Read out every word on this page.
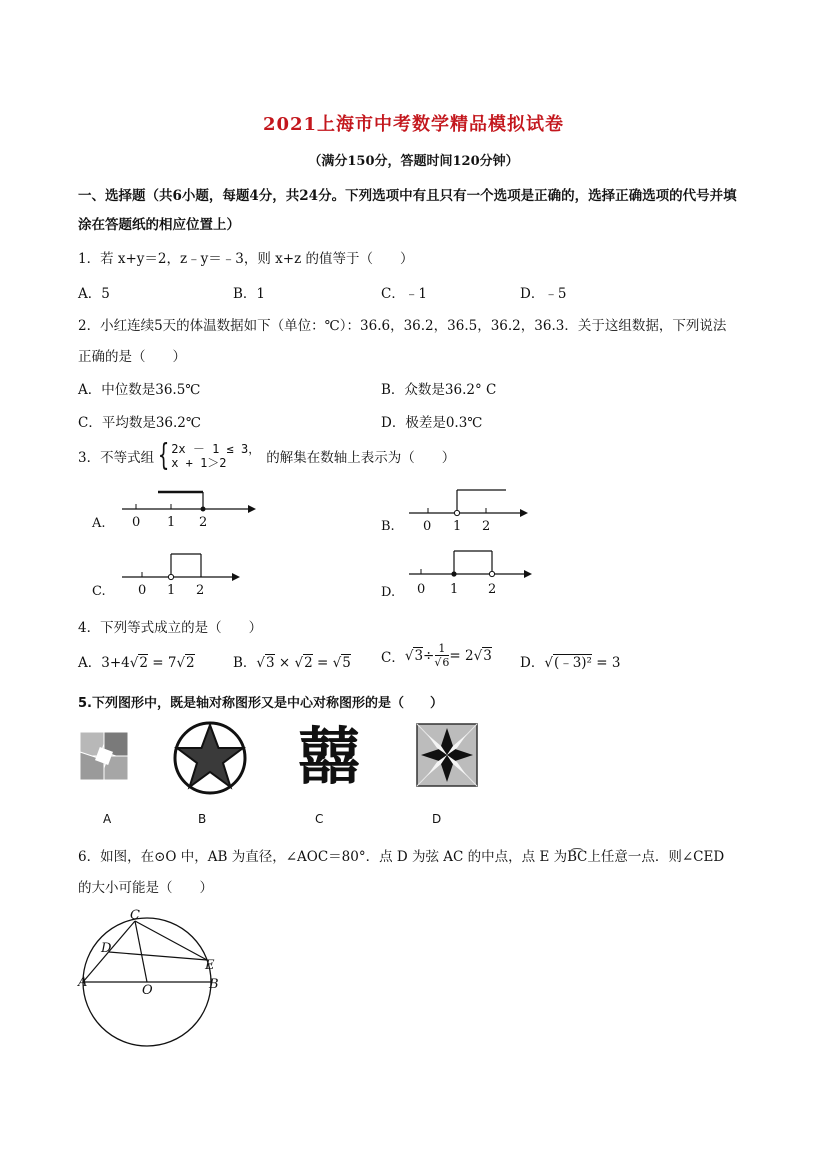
2021上海市中考数学精品模拟试卷
（满分150分，答题时间120分钟）
一、选择题（共6小题，每题4分，共24分。下列选项中有且只有一个选项是正确的，选择正确选项的代号并填涂在答题纸的相应位置上）
1．若 x+y＝2，z﹣y＝﹣3，则 x+z 的值等于（　　）
A．5	B．1	C．﹣1	D．﹣5
2．小红连续5天的体温数据如下（单位：℃）：36.6，36.2，36.5，36.2，36.3．关于这组数据，下列说法
正确的是（　　）
A．中位数是36.5℃	B．众数是36.2° C
C．平均数是36.2℃	D．极差是0.3℃
3．不等式组 { 2x － 1 ≤ 3，
x + 1＞2	的解集在数轴上表示为（　　）
A. 0 1 2	B. 0 1 2
C. 0 1 2	D. 0 1 2
4．下列等式成立的是（　　）
A．3+4√2 = 7√2	B．√3 × √2 = √5 C． √ $3 \div \frac{1}{√6} = 2$ √ 3 D．√(﹣3)² = 3
5.下列图形中，既是轴对称图形又是中心对称图形的是（　　）
囍
A	B	C	D
6．如图，在⊙O 中，AB 为直径，∠AOC＝80°．点 D 为弦 AC 的中点，点 E 为B͡C上任意一点．则∠CED
的大小可能是（　　）
C
D
A
O
E
B
